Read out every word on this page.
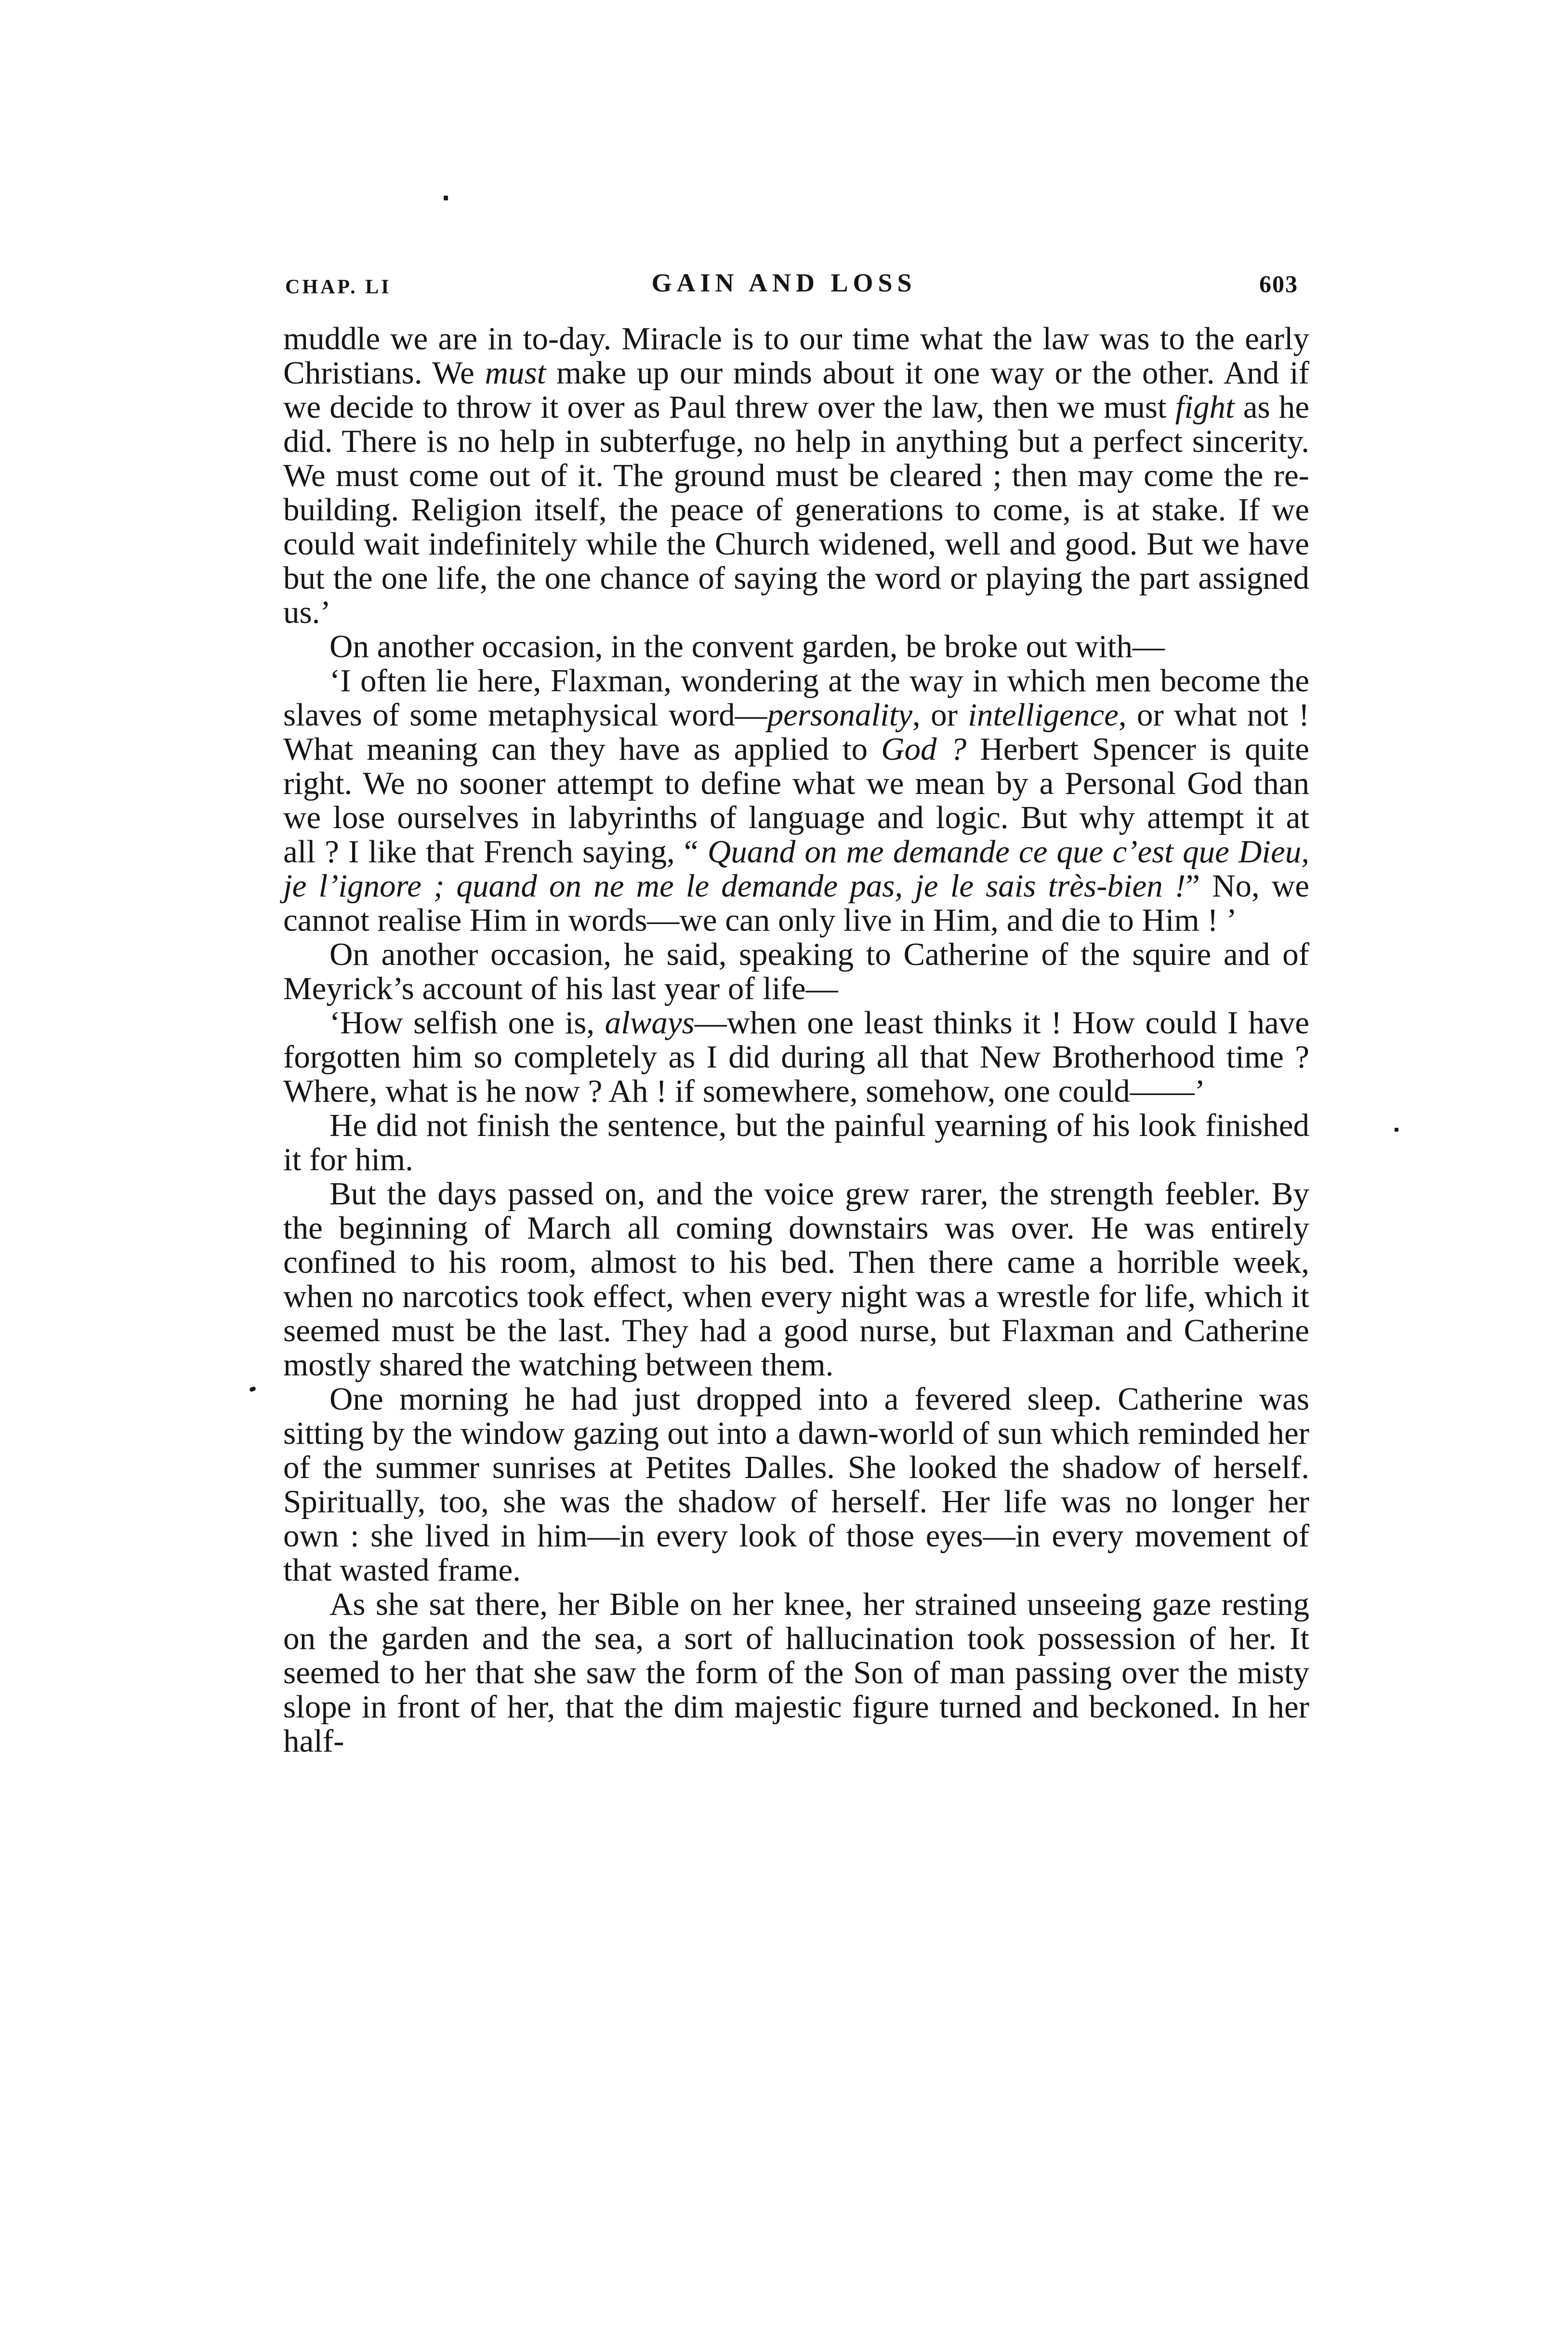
CHAP. LI	GAIN AND LOSS	603

muddle we are in to-day. Miracle is to our time what the law was to the early Christians. We must make up our minds about it one way or the other. And if we decide to throw it over as Paul threw over the law, then we must fight as he did. There is no help in subterfuge, no help in anything but a perfect sincerity. We must come out of it. The ground must be cleared ; then may come the re-building. Religion itself, the peace of generations to come, is at stake. If we could wait indefinitely while the Church widened, well and good. But we have but the one life, the one chance of saying the word or playing the part assigned us.’

On another occasion, in the convent garden, be broke out with—

‘I often lie here, Flaxman, wondering at the way in which men become the slaves of some metaphysical word—personality, or intelligence, or what not ! What meaning can they have as applied to God ? Herbert Spencer is quite right. We no sooner attempt to define what we mean by a Personal God than we lose ourselves in labyrinths of language and logic. But why attempt it at all ? I like that French saying, “ Quand on me demande ce que c’est que Dieu, je l’ignore ; quand on ne me le demande pas, je le sais très-bien !” No, we cannot realise Him in words—we can only live in Him, and die to Him ! ’

On another occasion, he said, speaking to Catherine of the squire and of Meyrick’s account of his last year of life—

‘How selfish one is, always—when one least thinks it ! How could I have forgotten him so completely as I did during all that New Brotherhood time ? Where, what is he now ? Ah ! if somewhere, somehow, one could——’

He did not finish the sentence, but the painful yearning of his look finished it for him.

But the days passed on, and the voice grew rarer, the strength feebler. By the beginning of March all coming downstairs was over. He was entirely confined to his room, almost to his bed. Then there came a horrible week, when no narcotics took effect, when every night was a wrestle for life, which it seemed must be the last. They had a good nurse, but Flaxman and Catherine mostly shared the watching between them.

One morning he had just dropped into a fevered sleep. Catherine was sitting by the window gazing out into a dawn-world of sun which reminded her of the summer sunrises at Petites Dalles. She looked the shadow of herself. Spiritually, too, she was the shadow of herself. Her life was no longer her own : she lived in him—in every look of those eyes—in every movement of that wasted frame.

As she sat there, her Bible on her knee, her strained unseeing gaze resting on the garden and the sea, a sort of hallucination took possession of her. It seemed to her that she saw the form of the Son of man passing over the misty slope in front of her, that the dim majestic figure turned and beckoned. In her half-
